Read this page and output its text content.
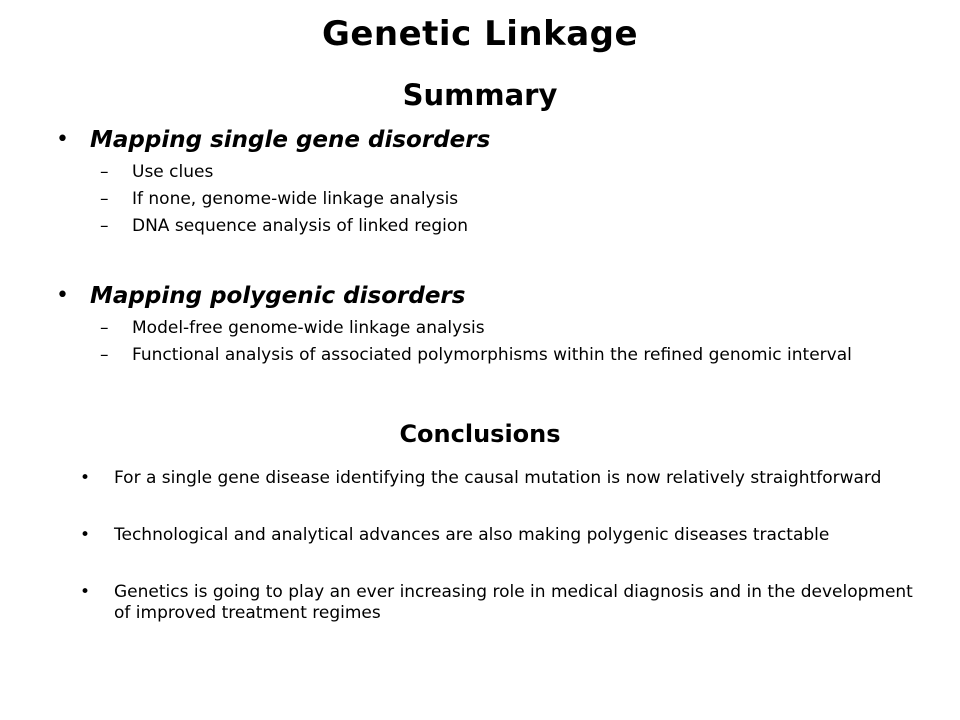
Genetic Linkage
Summary
• Mapping single gene disorders
–	Use clues
–	If none, genome-wide linkage analysis
–	DNA sequence analysis of linked region
• Mapping polygenic disorders
–	Model-free genome-wide linkage analysis
–	Functional analysis of associated polymorphisms within the refined genomic interval
Conclusions
•	For a single gene disease identifying the causal mutation is now relatively straightforward
•	Technological and analytical advances are also making polygenic diseases tractable
•	Genetics is going to play an ever increasing role in medical diagnosis and in the development of improved treatment regimes
